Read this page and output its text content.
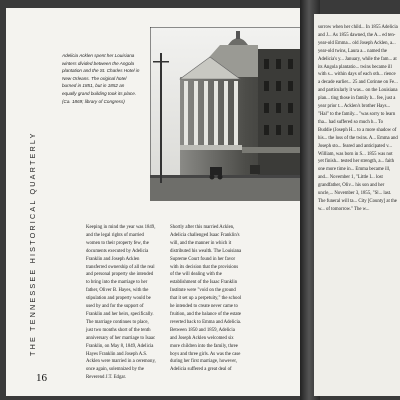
THE TENNESSEE HISTORICAL QUARTERLY
16

Adelicia Acklen spent her Louisiana winters divided between the Angola plantation and the St. Charles Hotel in New Orleans. The original hotel burned in 1851, but in 1852 an equally grand building took its place. (Ca. 1869; library of Congress)

Keeping in mind the year was 1849, and the legal rights of married women to their property few, the documents executed by Adelicia Franklin and Joseph Acklen transferred ownership of all the real and personal property she intended to bring into the marriage to her father, Oliver B. Hayes, with the stipulation and property would be used by and for the support of Franklin and her heirs, specifically. The marriage continues to place, just two months short of the tenth anniversary of her marriage to Isaac Franklin, on May 8, 1849, Adelicia Hayes Franklin and Joseph A.S. Acklen were married in a ceremony, once again, solemnized by the Reverend J.T. Edgar.

Shortly after this married Acklen, Adelicia challenged Isaac Franklin's will, and the manner in which it distributed his wealth. The Louisiana Supreme Court found in her favor with its decision that the provisions of the will dealing with the establishment of the Isaac Franklin Institute were "void on the ground that it set up a perpetuity," the school he intended to create never came to fruition, and the balance of the estate reverted back to Emma and Adelicia. Between 1850 and 1859, Adelicia and Joseph Acklen welcomed six more children into the family, three boys and three girls. As was the case during her first marriage, however, Adelicia suffered a great deal of

sorrow when her child... In 1855 Adelicia and J... As 1855 dawned, the A... ed ten-year-old Emma... old Joseph Acklen, a... year-old twins, Laura a... named the Adelicia's y... January, while the fam... at its Angola plantatio... twins became ill with s... within days of each oth... rience a decade earlier... 25 and Corinne on Fe... and particularly it was... on the Louisiana plan... ting those in family b... fee, just a year prior t... Acklen's brother Hays... "Hal" to the family... "was sorry to learn tha... had suffered so much b... To Buddie (Joseph H... to a more shadow of his... the loss of the twins. A... Emma and Joseph sto... feared and anticipated v... William, was born in S... 1855 was not yet finish... tested her strength, a... faith one more time in... Emma became ill, and... November 1, "Little I... lost grandfather, Oliv... his son and her uncle,... November 3, 1855, "Sl... last. The funeral will ta... City [County] at the w... of tomorrow." The w...
